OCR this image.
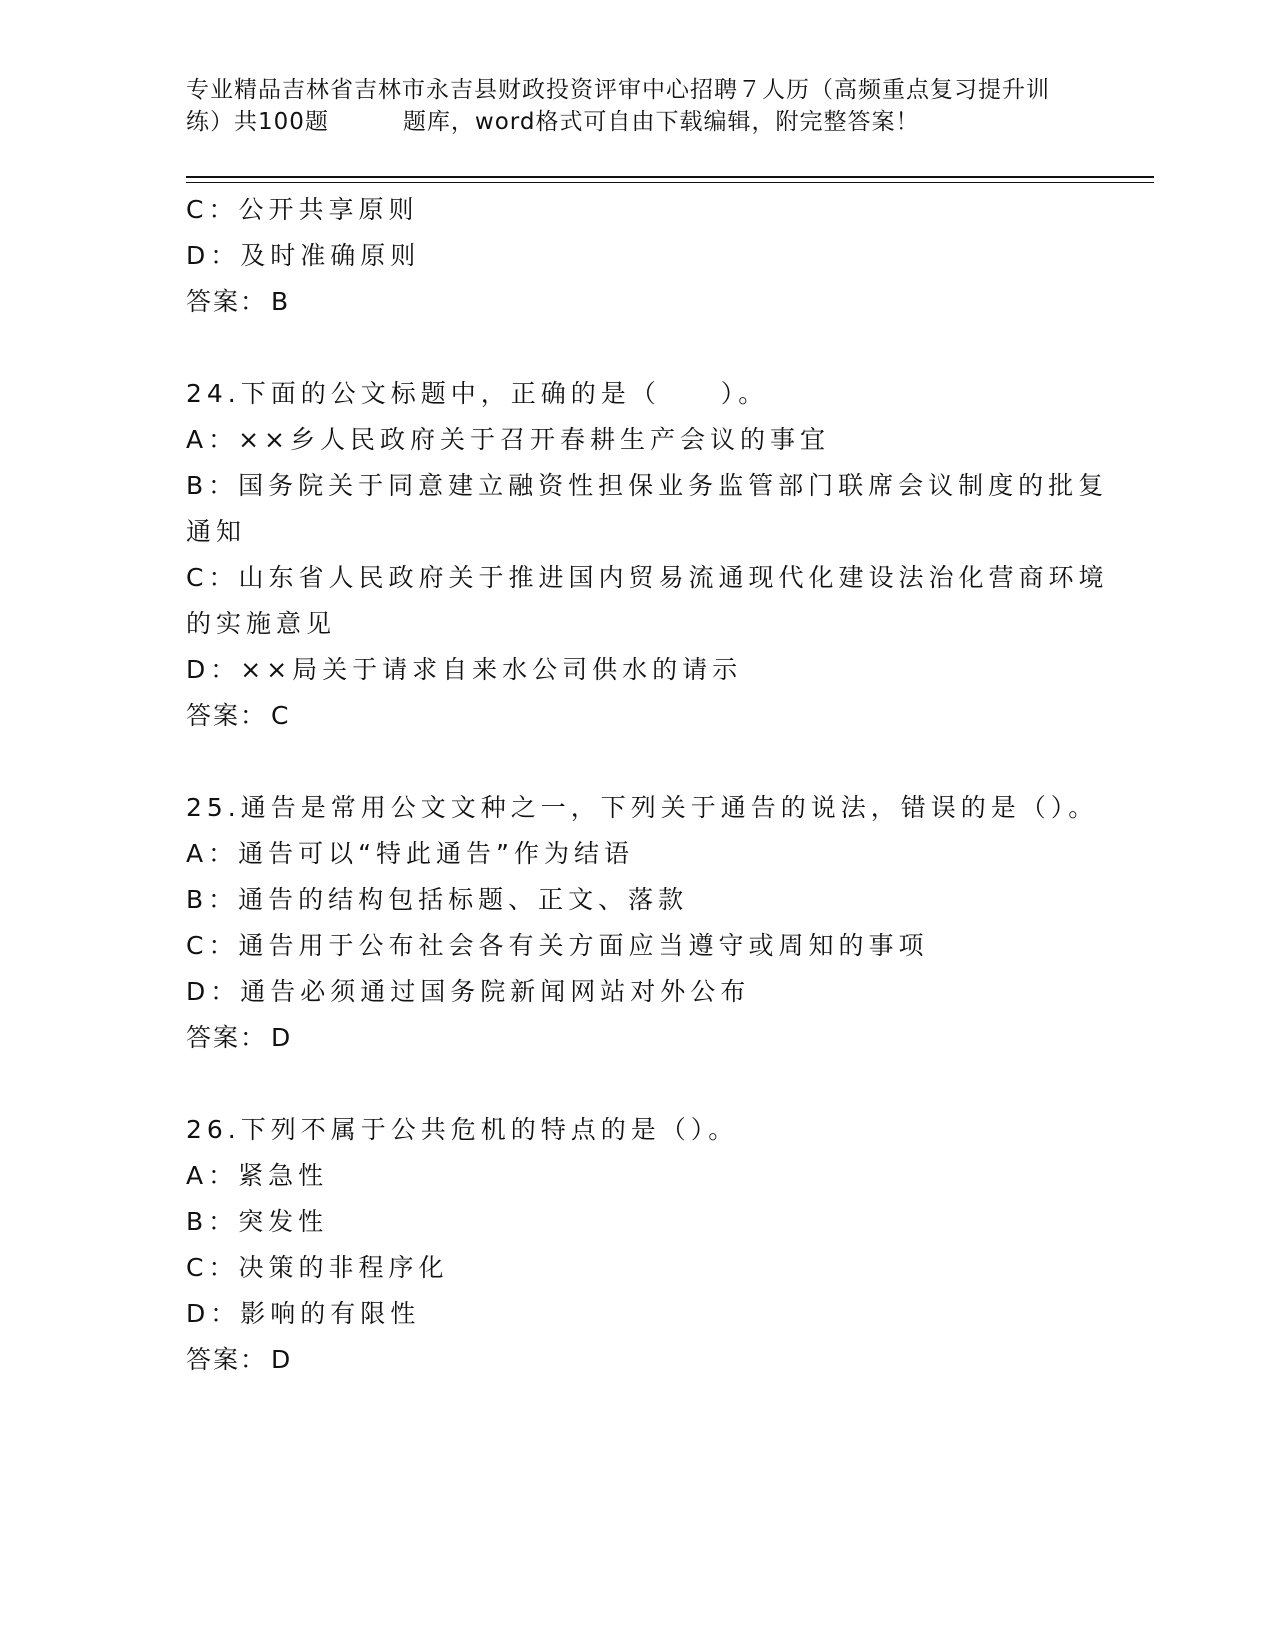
专业精品吉林省吉林市永吉县财政投资评审中心招聘７人历（高频重点复习提升训
练）共100题	题库，word格式可自由下载编辑，附完整答案！
C：公开共享原则
D：及时准确原则
答案： B
24.下面的公文标题中，正确的是（　　）。
A：××乡人民政府关于召开春耕生产会议的事宜
B：国务院关于同意建立融资性担保业务监管部门联席会议制度的批复
通知
C：山东省人民政府关于推进国内贸易流通现代化建设法治化营商环境
的实施意见
D：××局关于请求自来水公司供水的请示
答案： C
25.通告是常用公文文种之一，下列关于通告的说法，错误的是（）。
A：通告可以“特此通告”作为结语
B：通告的结构包括标题、正文、落款
C：通告用于公布社会各有关方面应当遵守或周知的事项
D：通告必须通过国务院新闻网站对外公布
答案： D
26.下列不属于公共危机的特点的是（）。
A：紧急性
B：突发性
C：决策的非程序化
D：影响的有限性
答案： D
